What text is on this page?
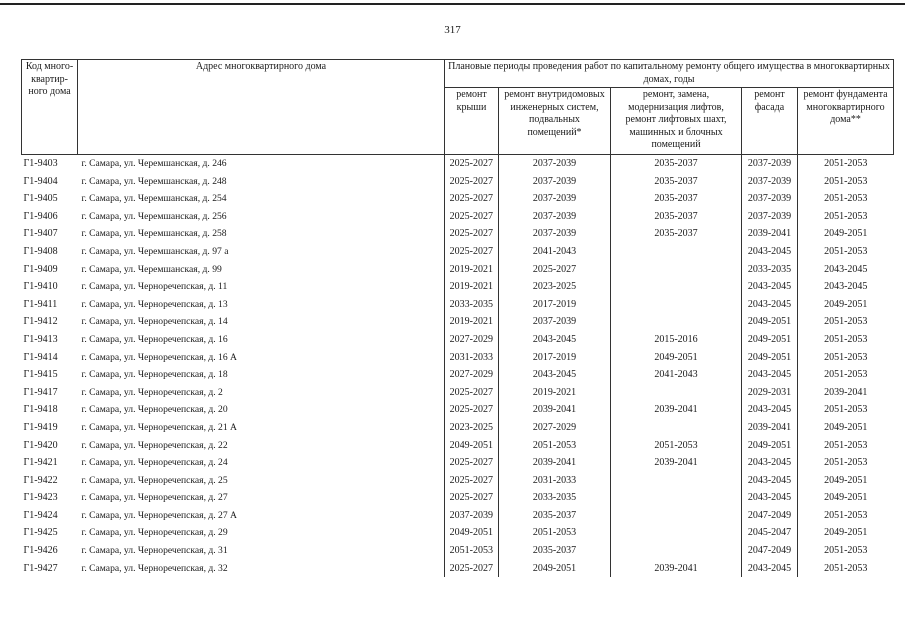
317
Код много-квартир-ного дома	Адрес многоквартирного дома	Плановые периоды проведения работ по капитальному ремонту общего имущества в многоквартирных домах, годы				
		ремонт крыши	ремонт внутридомовых инженерных систем, подвальных помещений*	ремонт, замена, модернизация лифтов, ремонт лифтовых шахт, машинных и блочных помещений	ремонт фасада	ремонт фундамента многоквартирного дома**
Г1-9403	г. Самара, ул. Черемшанская, д. 246	2025-2027	2037-2039	2035-2037	2037-2039	2051-2053
Г1-9404	г. Самара, ул. Черемшанская, д. 248	2025-2027	2037-2039	2035-2037	2037-2039	2051-2053
Г1-9405	г. Самара, ул. Черемшанская, д. 254	2025-2027	2037-2039	2035-2037	2037-2039	2051-2053
Г1-9406	г. Самара, ул. Черемшанская, д. 256	2025-2027	2037-2039	2035-2037	2037-2039	2051-2053
Г1-9407	г. Самара, ул. Черемшанская, д. 258	2025-2027	2037-2039	2035-2037	2039-2041	2049-2051
Г1-9408	г. Самара, ул. Черемшанская, д. 97 а	2025-2027	2041-2043		2043-2045	2051-2053
Г1-9409	г. Самара, ул. Черемшанская, д. 99	2019-2021	2025-2027		2033-2035	2043-2045
Г1-9410	г. Самара, ул. Черноречепская, д. 11	2019-2021	2023-2025		2043-2045	2043-2045
Г1-9411	г. Самара, ул. Черноречепская, д. 13	2033-2035	2017-2019		2043-2045	2049-2051
Г1-9412	г. Самара, ул. Черноречепская, д. 14	2019-2021	2037-2039		2049-2051	2051-2053
Г1-9413	г. Самара, ул. Черноречепская, д. 16	2027-2029	2043-2045	2015-2016	2049-2051	2051-2053
Г1-9414	г. Самара, ул. Черноречепская, д. 16 А	2031-2033	2017-2019	2049-2051	2049-2051	2051-2053
Г1-9415	г. Самара, ул. Черноречепская, д. 18	2027-2029	2043-2045	2041-2043	2043-2045	2051-2053
Г1-9417	г. Самара, ул. Черноречепская, д. 2	2025-2027	2019-2021		2029-2031	2039-2041
Г1-9418	г. Самара, ул. Черноречепская, д. 20	2025-2027	2039-2041	2039-2041	2043-2045	2051-2053
Г1-9419	г. Самара, ул. Черноречепская, д. 21 А	2023-2025	2027-2029		2039-2041	2049-2051
Г1-9420	г. Самара, ул. Черноречепская, д. 22	2049-2051	2051-2053	2051-2053	2049-2051	2051-2053
Г1-9421	г. Самара, ул. Черноречепская, д. 24	2025-2027	2039-2041	2039-2041	2043-2045	2051-2053
Г1-9422	г. Самара, ул. Черноречепская, д. 25	2025-2027	2031-2033		2043-2045	2049-2051
Г1-9423	г. Самара, ул. Черноречепская, д. 27	2025-2027	2033-2035		2043-2045	2049-2051
Г1-9424	г. Самара, ул. Черноречепская, д. 27 А	2037-2039	2035-2037		2047-2049	2051-2053
Г1-9425	г. Самара, ул. Черноречепская, д. 29	2049-2051	2051-2053		2045-2047	2049-2051
Г1-9426	г. Самара, ул. Черноречепская, д. 31	2051-2053	2035-2037		2047-2049	2051-2053
Г1-9427	г. Самара, ул. Черноречепская, д. 32	2025-2027	2049-2051	2039-2041	2043-2045	2051-2053
